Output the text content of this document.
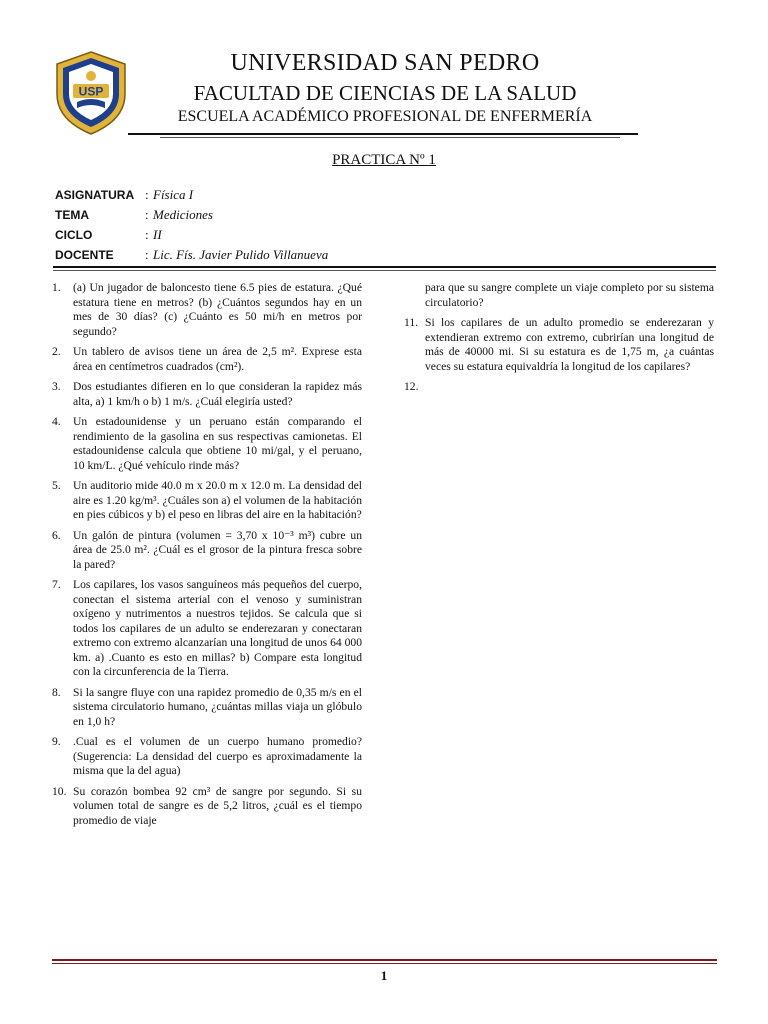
USP
UNIVERSIDAD SAN PEDRO
FACULTAD DE CIENCIAS DE LA SALUD
ESCUELA ACADÉMICO PROFESIONAL DE ENFERMERÍA
PRACTICA Nº 1
ASIGNATURA : Física I
TEMA	: Mediciones
CICLO	: II
DOCENTE	: Lic. Fís. Javier Pulido Villanueva
1.	(a) Un jugador de baloncesto tiene 6.5 pies de estatura. ¿Qué estatura tiene en metros? (b) ¿Cuántos segundos hay en un mes de 30 días? (c) ¿Cuánto es 50 mi/h en metros por segundo?
2.	Un tablero de avisos tiene un área de 2,5 m². Exprese esta área en centímetros cuadrados (cm²).
3.	Dos estudiantes difieren en lo que consideran la rapidez más alta, a) 1 km/h o b) 1 m/s. ¿Cuál elegiría usted?
4.	Un estadounidense y un peruano están comparando el rendimiento de la gasolina en sus respectivas camionetas. El estadounidense calcula que obtiene 10 mi/gal, y el peruano, 10 km/L. ¿Qué vehículo rinde más?
5.	Un auditorio mide 40.0 m x 20.0 m x 12.0 m. La densidad del aire es 1.20 kg/m³. ¿Cuáles son a) el volumen de la habitación en pies cúbicos y b) el peso en libras del aire en la habitación?
6.	Un galón de pintura (volumen = 3,70 x 10⁻³ m³) cubre un área de 25.0 m². ¿Cuál es el grosor de la pintura fresca sobre la pared?
7.	Los capilares, los vasos sanguíneos más pequeños del cuerpo, conectan el sistema arterial con el venoso y suministran oxígeno y nutrimentos a nuestros tejidos. Se calcula que si todos los capilares de un adulto se enderezaran y conectaran extremo con extremo alcanzarían una longitud de unos 64 000 km. a) .Cuanto es esto en millas? b) Compare esta longitud con la circunferencia de la Tierra.
8.	Si la sangre fluye con una rapidez promedio de 0,35 m/s en el sistema circulatorio humano, ¿cuántas millas viaja un glóbulo en 1,0 h?
9.	.Cual es el volumen de un cuerpo humano promedio? (Sugerencia: La densidad del cuerpo es aproximadamente la misma que la del agua)
10. Su corazón bombea 92 cm³ de sangre por segundo. Si su volumen total de sangre es de 5,2 litros, ¿cuál es el tiempo promedio de viaje
para que su sangre complete un viaje completo por su sistema circulatorio?
11. Si los capilares de un adulto promedio se enderezaran y extendieran extremo con extremo, cubrirían una longitud de más de 40000 mi. Si su estatura es de 1,75 m, ¿a cuántas veces su estatura equivaldría la longitud de los capilares?
12.
1
